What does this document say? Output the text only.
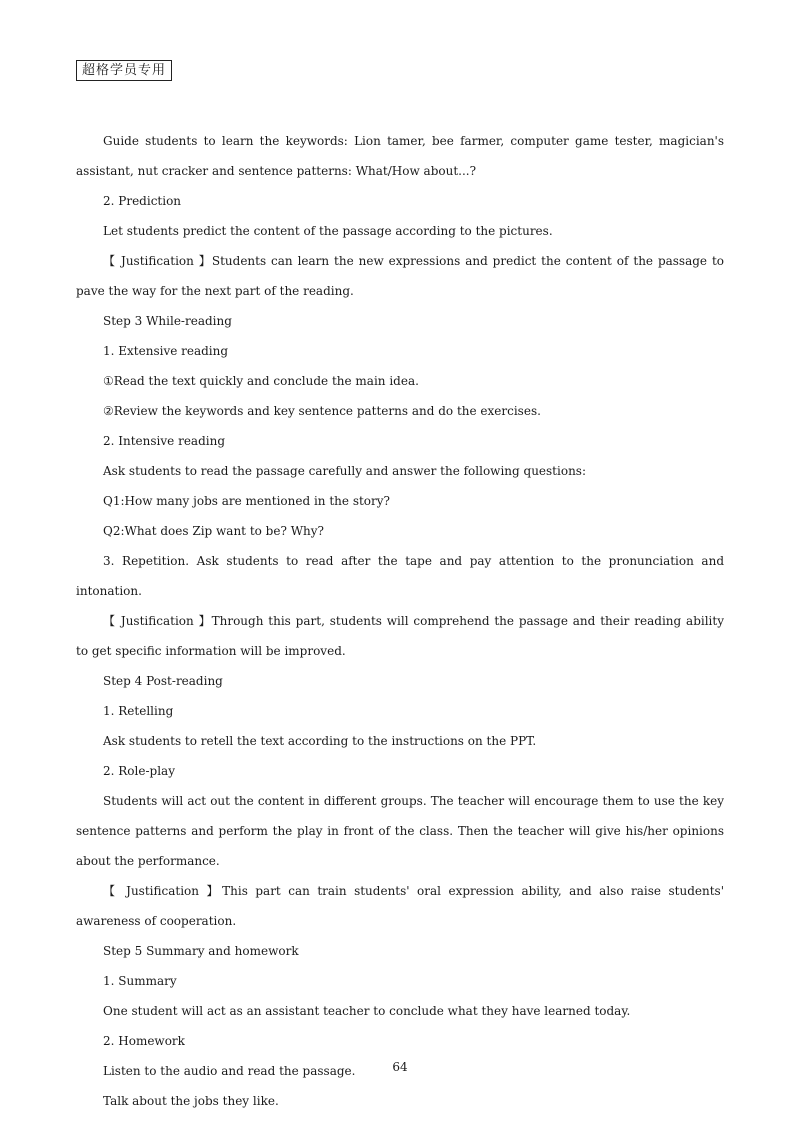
超格学员专用

Guide students to learn the keywords: Lion tamer, bee farmer, computer game tester, magician's assistant, nut cracker and sentence patterns: What/How about...?

2. Prediction

Let students predict the content of the passage according to the pictures.

【 Justification 】Students can learn the new expressions and predict the content of the passage to pave the way for the next part of the reading.

Step 3 While-reading

1. Extensive reading

①Read the text quickly and conclude the main idea.

②Review the keywords and key sentence patterns and do the exercises.

2. Intensive reading

Ask students to read the passage carefully and answer the following questions:

Q1:How many jobs are mentioned in the story?

Q2:What does Zip want to be? Why?

3. Repetition. Ask students to read after the tape and pay attention to the pronunciation and intonation.

【 Justification 】Through this part, students will comprehend the passage and their reading ability to get specific information will be improved.

Step 4 Post-reading

1. Retelling

Ask students to retell the text according to the instructions on the PPT.

2. Role-play

Students will act out the content in different groups. The teacher will encourage them to use the key sentence patterns and perform the play in front of the class. Then the teacher will give his/her opinions about the performance.

【 Justification 】This part can train students' oral expression ability, and also raise students' awareness of cooperation.

Step 5 Summary and homework

1. Summary

One student will act as an assistant teacher to conclude what they have learned today.

2. Homework

Listen to the audio and read the passage.

Talk about the jobs they like.

64
